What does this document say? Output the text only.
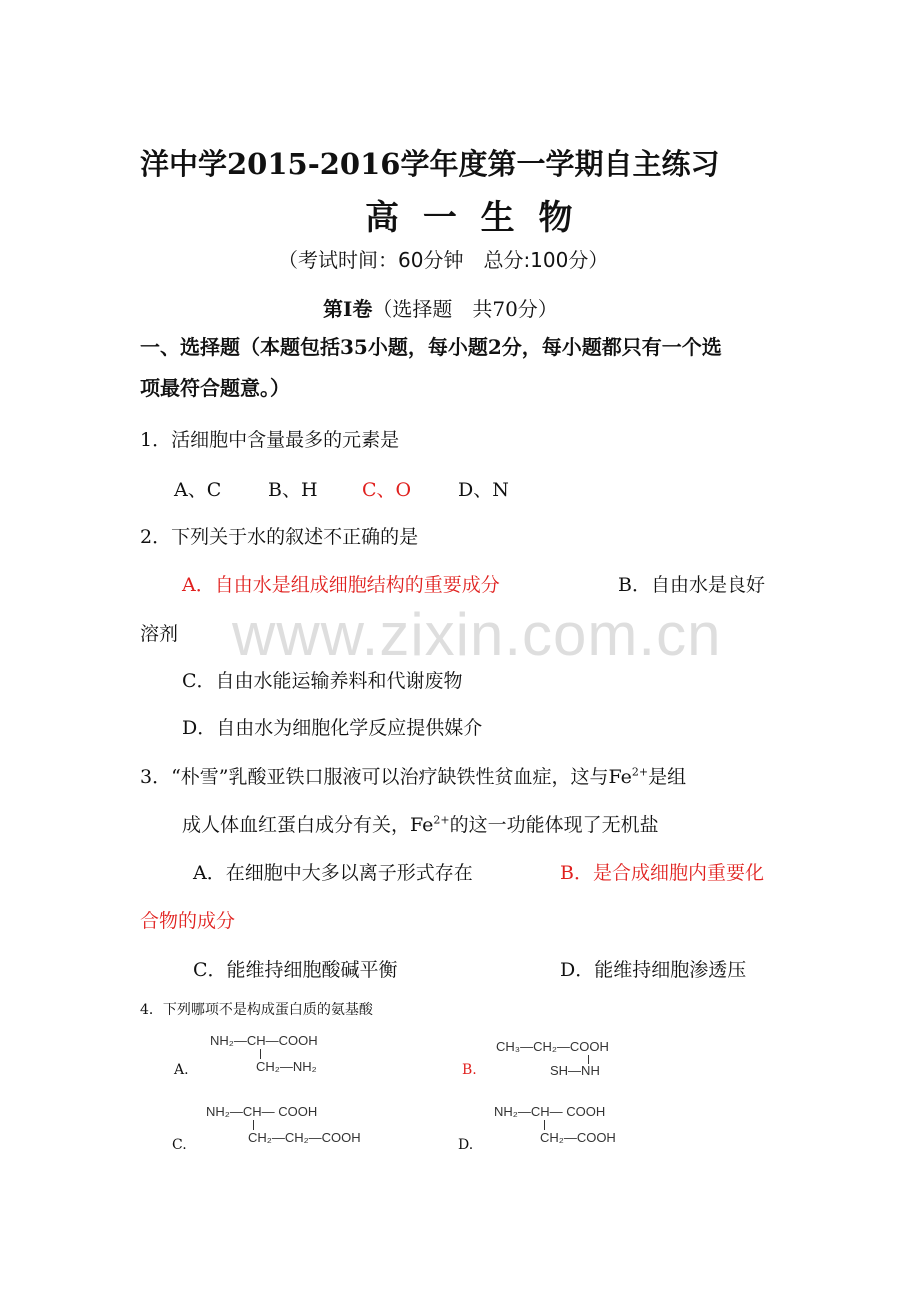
洋中学2015-2016学年度第一学期自主练习
高 一 生 物
（考试时间：60分钟　总分:100分）
第Ⅰ卷（选择题　共70分）
一、选择题（本题包括35小题，每小题2分，每小题都只有一个选
项最符合题意。）
1．活细胞中含量最多的元素是
A、C B、H C、O D、N
2．下列关于水的叙述不正确的是
A．自由水是组成细胞结构的重要成分	B．自由水是良好
溶剂
C．自由水能运输养料和代谢废物
D．自由水为细胞化学反应提供媒介
3．“朴雪”乳酸亚铁口服液可以治疗缺铁性贫血症，这与$Fe^{2+}$是组
成人体血红蛋白成分有关，$Fe^{2+}$的这一功能体现了无机盐
A．在细胞中大多以离子形式存在	B．是合成细胞内重要化
合物的成分
C．能维持细胞酸碱平衡	D．能维持细胞渗透压
4．下列哪项不是构成蛋白质的氨基酸
A.
NH₂—CH—COOH
CH₂—NH₂	B.
CH₃—CH₂—COOH
SH—NH
C.
NH₂—CH— COOH
CH₂—CH₂—COOH	D.
NH₂—CH— COOH
CH₂—COOH
www.zixin.com.cn
